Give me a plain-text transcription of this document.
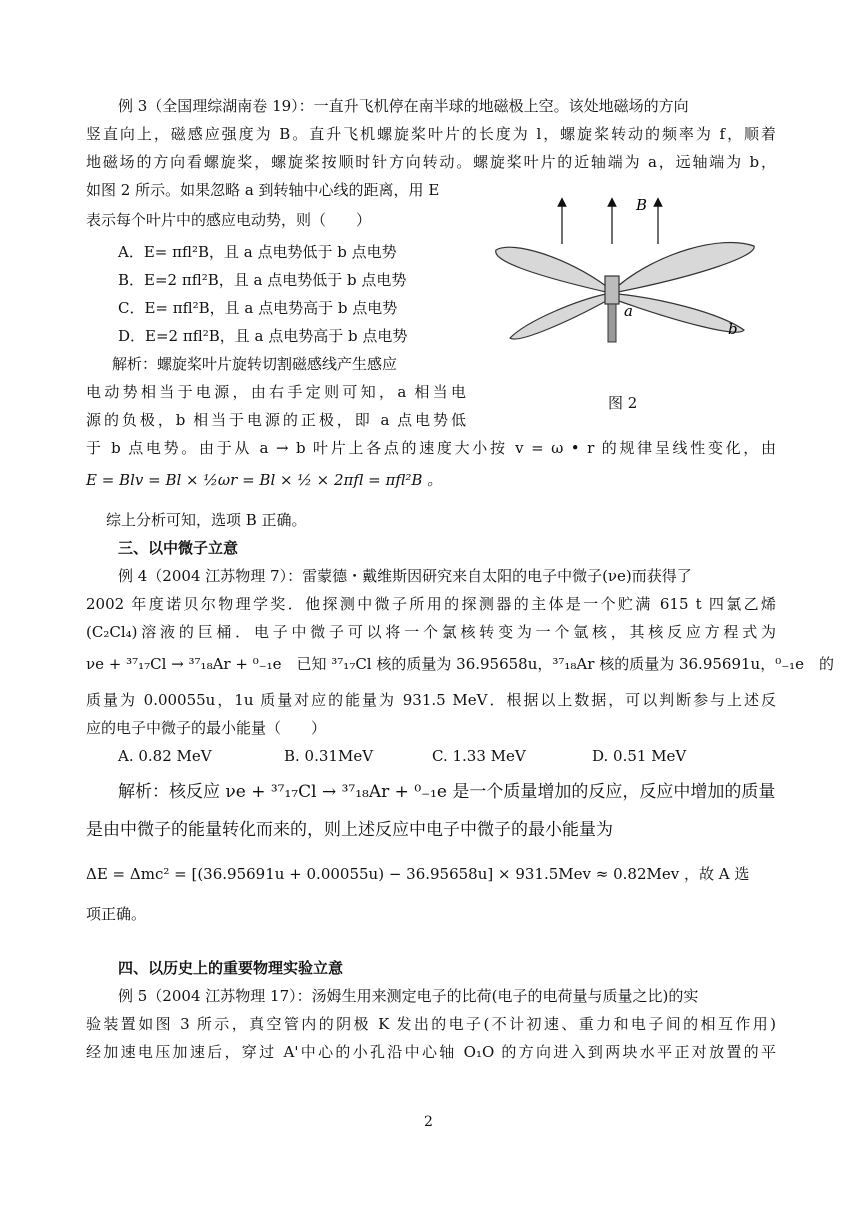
例 3（全国理综湖南卷 19）：一直升飞机停在南半球的地磁极上空。该处地磁场的方向
竖直向上，磁感应强度为 B。直升飞机螺旋桨叶片的长度为 l，螺旋桨转动的频率为 f，顺着
地磁场的方向看螺旋桨，螺旋桨按顺时针方向转动。螺旋桨叶片的近轴端为 a，远轴端为 b，
如图 2 所示。如果忽略 a 到转轴中心线的距离，用 E
表示每个叶片中的感应电动势，则（　　）
A．E= πfl²B，且 a 点电势低于 b 点电势
B．E=2 πfl²B，且 a 点电势低于 b 点电势
C．E= πfl²B，且 a 点电势高于 b 点电势
D．E=2 πfl²B，且 a 点电势高于 b 点电势
解析：螺旋桨叶片旋转切割磁感线产生感应
电动势相当于电源，由右手定则可知，a 相当电
源的负极，b 相当于电源的正极，即 a 点电势低
于 b 点电势。由于从 a → b 叶片上各点的速度大小按 v = ω • r 的规律呈线性变化，由
E = Blv = Bl × ½ωr = Bl × ½ × 2πfl = πfl²B 。
综上分析可知，选项 B 正确。
三、以中微子立意
例 4（2004 江苏物理 7）：雷蒙德・戴维斯因研究来自太阳的电子中微子(νe)而获得了
2002 年度诺贝尔物理学奖．他探测中微子所用的探测器的主体是一个贮满 615 t 四氯乙烯
(C₂Cl₄)溶液的巨桶．电子中微子可以将一个氯核转变为一个氩核，其核反应方程式为
νe + ³⁷₁₇Cl → ³⁷₁₈Ar + ⁰₋₁e　已知 ³⁷₁₇Cl 核的质量为 36.95658u，³⁷₁₈Ar 核的质量为 36.95691u，⁰₋₁e　的
质量为 0.00055u，1u 质量对应的能量为 931.5 MeV．根据以上数据，可以判断参与上述反
应的电子中微子的最小能量（　　）
A. 0.82 MeV	B. 0.31MeV	C. 1.33 MeV	D. 0.51 MeV
解析：核反应 νe + ³⁷₁₇Cl → ³⁷₁₈Ar + ⁰₋₁e 是一个质量增加的反应，反应中增加的质量
是由中微子的能量转化而来的，则上述反应中电子中微子的最小能量为
ΔE = Δmc² = [(36.95691u + 0.00055u) − 36.95658u] × 931.5Mev ≈ 0.82Mev ，故 A 选
项正确。
四、以历史上的重要物理实验立意
例 5（2004 江苏物理 17）：汤姆生用来测定电子的比荷(电子的电荷量与质量之比)的实
验装置如图 3 所示，真空管内的阴极 K 发出的电子(不计初速、重力和电子间的相互作用)
经加速电压加速后，穿过 A'中心的小孔沿中心轴 O₁O 的方向进入到两块水平正对放置的平
B
a
b
图 2
2
